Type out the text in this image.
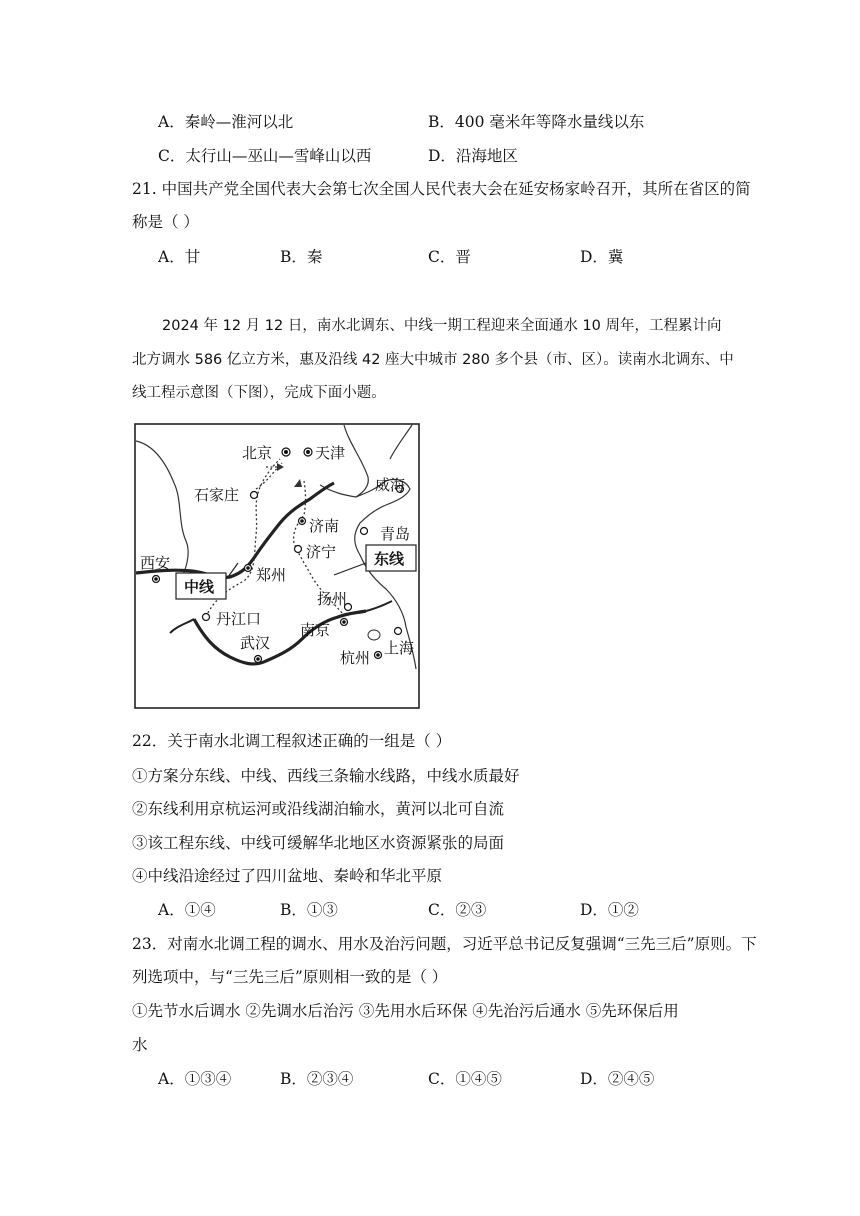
A．秦岭—淮河以北	B．400 毫米年等降水量线以东
C．太行山—巫山—雪峰山以西	D．沿海地区
21. 中国共产党全国代表大会第七次全国人民代表大会在延安杨家岭召开，其所在省区的简
称是（ ）
A．甘	B．秦	C．晋	D．冀
2024 年 12 月 12 日，南水北调东、中线一期工程迎来全面通水 10 周年，工程累计向
北方调水 586 亿立方米，惠及沿线 42 座大中城市 280 多个县（市、区）。读南水北调东、中
线工程示意图（下图），完成下面小题。
北京	天津
石家庄
威海
济南	青岛
济宁
西安
郑州
扬州
丹江口
南京
武汉	上海
杭州
中线
东线
22．关于南水北调工程叙述正确的一组是（ ）
①方案分东线、中线、西线三条输水线路，中线水质最好
②东线利用京杭运河或沿线湖泊输水，黄河以北可自流
③该工程东线、中线可缓解华北地区水资源紧张的局面
④中线沿途经过了四川盆地、秦岭和华北平原
A．①④	B．①③	C．②③	D．①②
23．对南水北调工程的调水、用水及治污问题，习近平总书记反复强调“三先三后”原则。下
列选项中，与“三先三后”原则相一致的是（ ）
①先节水后调水 ②先调水后治污 ③先用水后环保 ④先治污后通水 ⑤先环保后用
水
A．①③④	B．②③④	C．①④⑤	D．②④⑤
